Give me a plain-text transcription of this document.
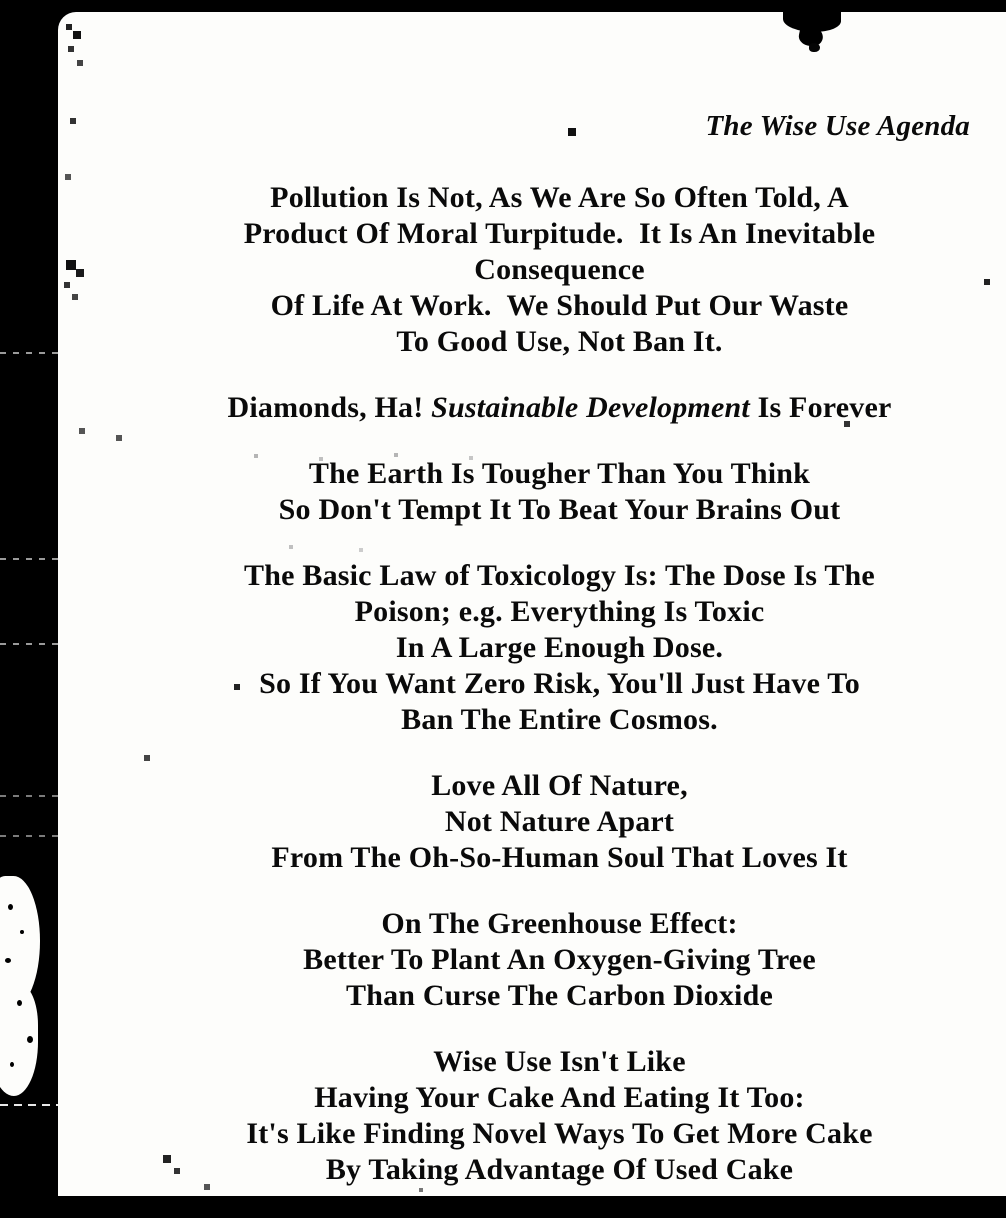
The Wise Use Agenda
Pollution Is Not, As We Are So Often Told, A
Product Of Moral Turpitude.  It Is An Inevitable
Consequence
Of Life At Work.  We Should Put Our Waste
To Good Use, Not Ban It.
Diamonds, Ha! Sustainable Development Is Forever
The Earth Is Tougher Than You Think
So Don't Tempt It To Beat Your Brains Out
The Basic Law of Toxicology Is: The Dose Is The
Poison; e.g. Everything Is Toxic
In A Large Enough Dose.
So If You Want Zero Risk, You'll Just Have To
Ban The Entire Cosmos.
Love All Of Nature,
Not Nature Apart
From The Oh-So-Human Soul That Loves It
On The Greenhouse Effect:
Better To Plant An Oxygen-Giving Tree
Than Curse The Carbon Dioxide
Wise Use Isn't Like
Having Your Cake And Eating It Too:
It's Like Finding Novel Ways To Get More Cake
By Taking Advantage Of Used Cake
